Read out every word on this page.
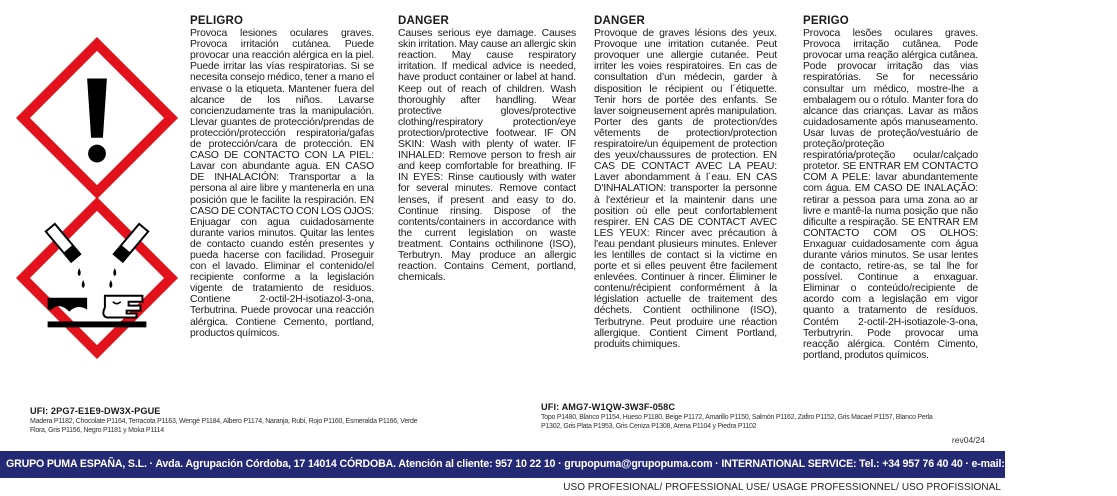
PELIGRO

Provoca lesiones oculares graves. Provoca irritación cutánea. Puede provocar una reacción alérgica en la piel. Puede irritar las vías respiratorias. Si se necesita consejo médico, tener a mano el envase o la etiqueta. Mantener fuera del alcance de los niños. Lavarse concienzudamente tras la manipulación. Llevar guantes de protección/prendas de protección/protección respiratoria/gafas de protección/cara de protección. EN CASO DE CONTACTO CON LA PIEL: Lavar con abundante agua. EN CASO DE INHALACIÓN: Transportar a la persona al aire libre y mantenerla en una posición que le facilite la respiración. EN CASO DE CONTACTO CON LOS OJOS: Enjuagar con agua cuidadosamente durante varios minutos. Quitar las lentes de contacto cuando estén presentes y pueda hacerse con facilidad. Proseguir con el lavado. Eliminar el contenido/el recipiente conforme a la legislación vigente de tratamiento de residuos. Contiene 2-octil-2H-isotiazol-3-ona, Terbutrina. Puede provocar una reacción alérgica. Contiene Cemento, portland, productos químicos.

DANGER

Causes serious eye damage. Causes skin irritation. May cause an allergic skin reaction. May cause respiratory irritation. If medical advice is needed, have product container or label at hand. Keep out of reach of children. Wash thoroughly after handling. Wear protective gloves/protective clothing/respiratory protection/eye protection/protective footwear. IF ON SKIN: Wash with plenty of water. IF INHALED: Remove person to fresh air and keep comfortable for breathing. IF IN EYES: Rinse cautiously with water for several minutes. Remove contact lenses, if present and easy to do. Continue rinsing. Dispose of the contents/containers in accordance with the current legislation on waste treatment. Contains octhilinone (ISO), Terbutryn. May produce an allergic reaction. Contains Cement, portland, chemicals.

DANGER

Provoque de graves lésions des yeux. Provoque une irritation cutanée. Peut provoquer une allergie cutanée. Peut irriter les voies respiratoires. En cas de consultation d’un médecin, garder à disposition le récipient ou l´étiquette. Tenir hors de portée des enfants. Se laver soigneusement après manipulation. Porter des gants de protection/des vêtements de protection/protection respiratoire/un équipement de protection des yeux/chaussures de protection. EN CAS DE CONTACT AVEC LA PEAU: Laver abondamment à l´eau. EN CAS D'INHALATION: transporter la personne à l'extérieur et la maintenir dans une position où elle peut confortablement respirer. EN CAS DE CONTACT AVEC LES YEUX: Rincer avec précaution à l'eau pendant plusieurs minutes. Enlever les lentilles de contact si la victime en porte et si elles peuvent être facilement enlevées. Continuer à rincer. Éliminer le contenu/récipient conformément à la législation actuelle de traitement des déchets. Contient octhilinone (ISO), Terbutryne. Peut produire une réaction allergique. Contient Ciment Portland, produits chimiques.

PERIGO

Provoca lesões oculares graves. Provoca irritação cutânea. Pode provocar uma reação alérgica cutânea. Pode provocar irritação das vias respiratórias. Se for necessário consultar um médico, mostre-lhe a embalagem ou o rótulo. Manter fora do alcance das crianças. Lavar as mãos cuidadosamente após manuseamento. Usar luvas de proteção/vestuário de proteção/proteção respiratória/proteção ocular/calçado protetor. SE ENTRAR EM CONTACTO COM A PELE: lavar abundantemente com água. EM CASO DE INALAÇÃO: retirar a pessoa para uma zona ao ar livre e mantê-la numa posição que não dificulte a respiração. SE ENTRAR EM CONTACTO COM OS OLHOS: Enxaguar cuidadosamente com água durante vários minutos. Se usar lentes de contacto, retire-as, se tal lhe for possível. Continue a enxaguar. Eliminar o conteúdo/recipiente de acordo com a legislação em vigor quanto a tratamento de resíduos. Contém 2-octil-2H-isotiazole-3-ona, Terbutryrin. Pode provocar uma reacção alérgica. Contém Cimento, portland, produtos químicos.

UFI: 2PG7-E1E9-DW3X-PGUE
Madera P1182, Chocolate P1164, Terracota P1163, Wengé P1184, Albero P1174, Naranja, Rubí, Rojo P1160, Esmeralda P1166, Verde Flora, Gris P1156, Negro P1181 y Moka P1114
UFI: AMG7-W1QW-3W3F-058C
Topo P1480, Blanco P1154, Hueso P1180, Beige P1172, Amarillo P1150, Salmón P1162, Zafiro P1152, Gris Macael P1157, Blanco Perla P1302, Gris Plata P1953, Gris Ceniza P1308, Arena P1104 y Piedra P1102
rev04/24
GRUPO PUMA ESPAÑA, S.L. · Avda. Agrupación Córdoba, 17 14014 CÓRDOBA. Atención al cliente: 957 10 22 10 · grupopuma@grupopuma.com · INTERNATIONAL SERVICE: Tel.: +34 957 76 40 40 · e-mail: gpx@grupopuma.com
USO PROFESIONAL/ PROFESSIONAL USE/ USAGE PROFESSIONNEL/ USO PROFISSIONAL
